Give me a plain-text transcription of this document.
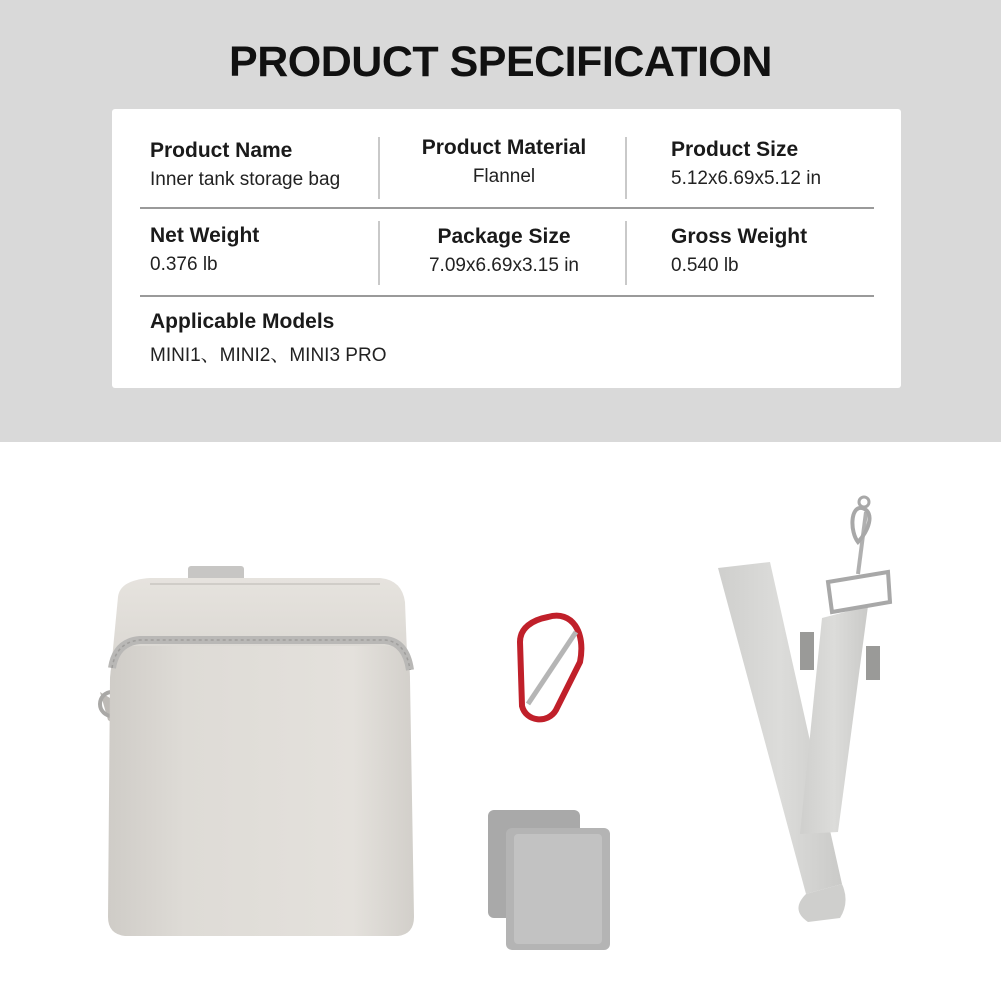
PRODUCT SPECIFICATION
Product Name
Inner tank storage bag
Product Material
Flannel
Product Size
5.12x6.69x5.12 in
Net Weight
0.376 lb
Package Size
7.09x6.69x3.15 in
Gross Weight
0.540 lb
Applicable Models
MINI1、MINI2、MINI3 PRO
